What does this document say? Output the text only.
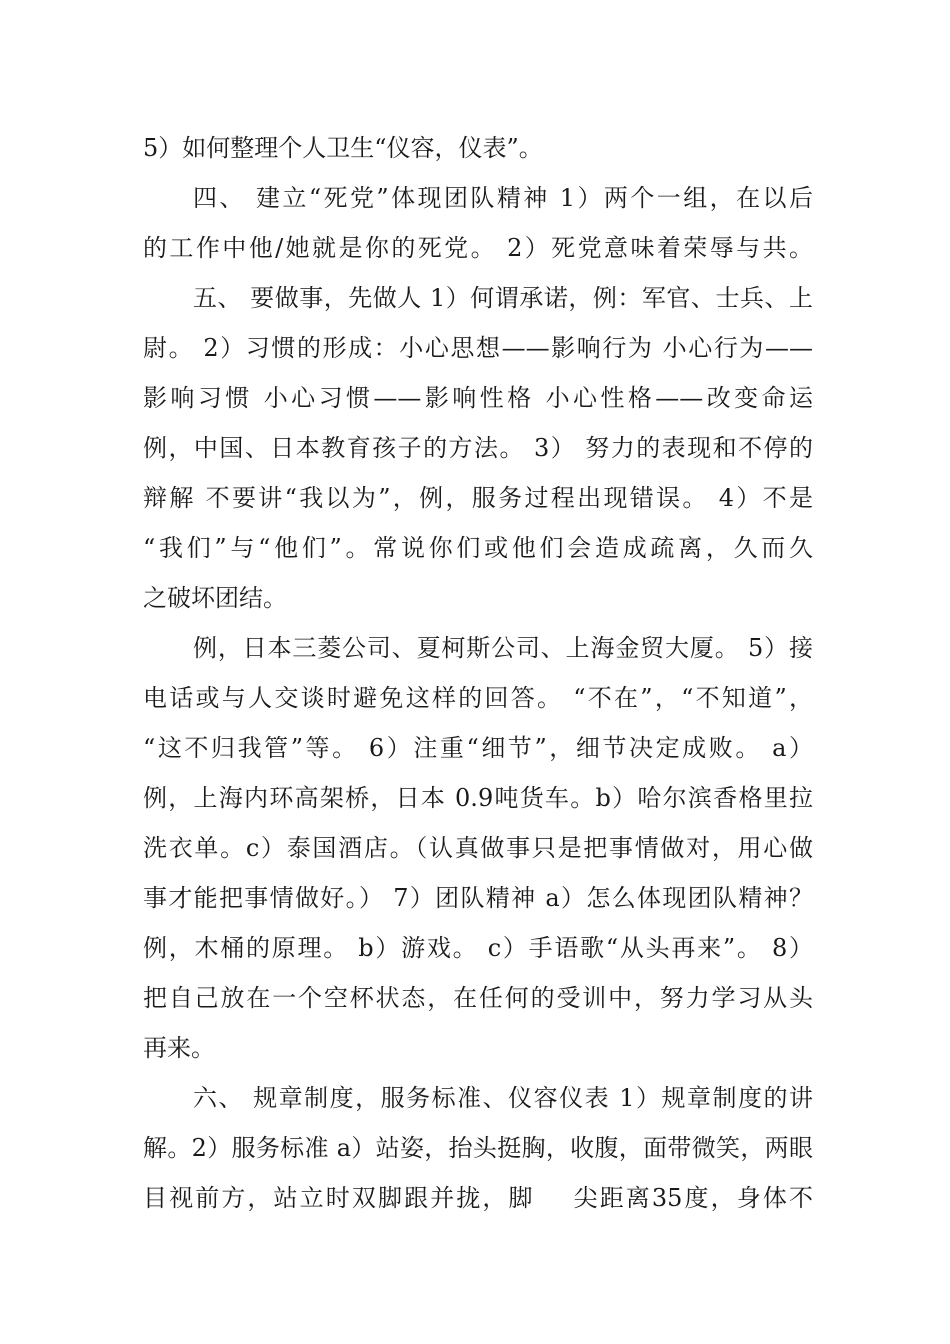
5）如何整理个人卫生“仪容，仪表”。
四、 建立“死党”体现团队精神 1）两个一组，在以后
的工作中他/她就是你的死党。 2）死党意味着荣辱与共。
五、 要做事，先做人 1）何谓承诺，例：军官、士兵、上
尉。 2）习惯的形成：小心思想——影响行为 小心行为——
影响习惯 小心习惯——影响性格 小心性格——改变命运
例，中国、日本教育孩子的方法。 3） 努力的表现和不停的
辩解 不要讲“我以为”，例，服务过程出现错误。 4）不是
“我们”与“他们”。常说你们或他们会造成疏离，久而久
之破坏团结。
例，日本三菱公司、夏柯斯公司、上海金贸大厦。 5）接
电话或与人交谈时避免这样的回答。 “不在”，“不知道”，
“这不归我管”等。 6）注重“细节”，细节决定成败。 a）
例，上海内环高架桥，日本 0.9吨货车。b）哈尔滨香格里拉
洗衣单。c）泰国酒店。（认真做事只是把事情做对，用心做
事才能把事情做好。） 7）团队精神 a）怎么体现团队精神？
例，木桶的原理。 b）游戏。 c）手语歌“从头再来”。 8）
把自己放在一个空杯状态，在任何的受训中，努力学习从头
再来。
六、 规章制度，服务标准、仪容仪表 1）规章制度的讲
解。2）服务标准 a）站姿，抬头挺胸，收腹，面带微笑，两眼
目视前方，站立时双脚跟并拢，脚    尖距离35度，身体不
